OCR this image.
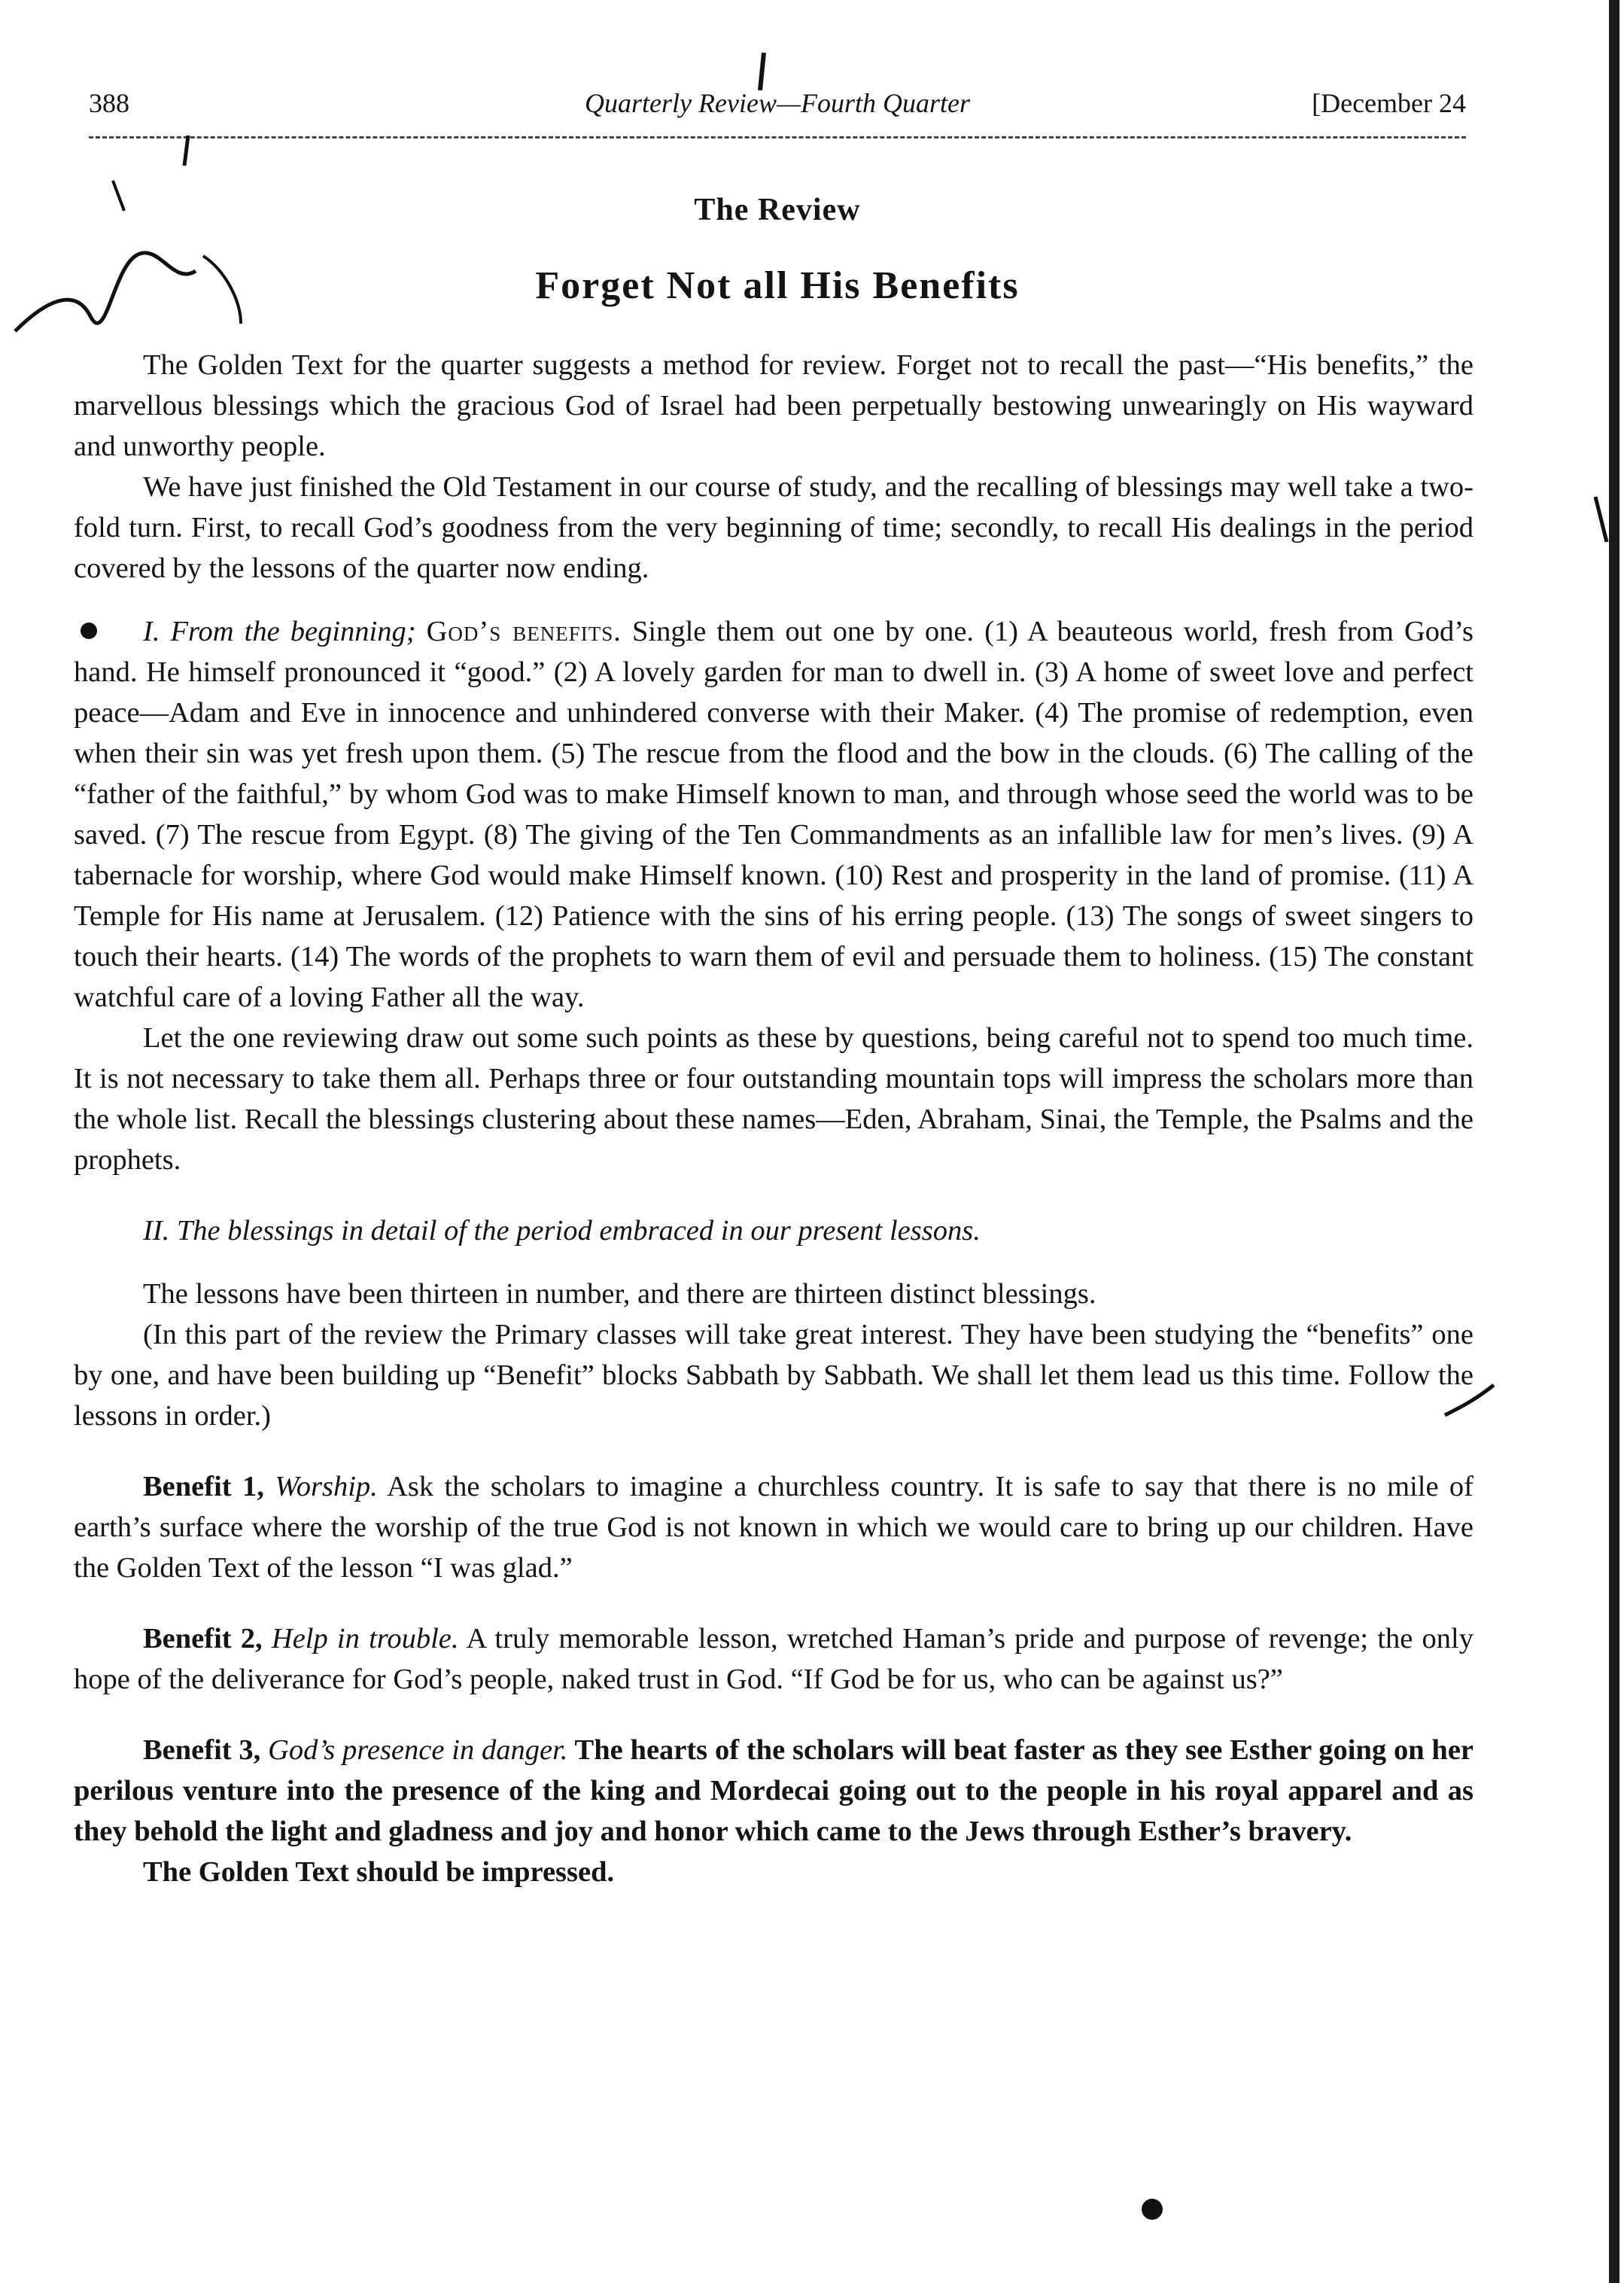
388	Quarterly Review—Fourth Quarter	[December 24
The Review
Forget Not all His Benefits

The Golden Text for the quarter suggests a method for review. Forget not to recall the past—“His benefits,” the marvellous blessings which the gracious God of Israel had been perpetually bestowing unwearingly on His wayward and unworthy people.

We have just finished the Old Testament in our course of study, and the recalling of blessings may well take a two-fold turn. First, to recall God’s goodness from the very beginning of time; secondly, to recall His dealings in the period covered by the lessons of the quarter now ending.

I. From the beginning; God’s benefits. Single them out one by one. (1) A beauteous world, fresh from God’s hand. He himself pronounced it “good.” (2) A lovely garden for man to dwell in. (3) A home of sweet love and perfect peace—Adam and Eve in innocence and unhindered converse with their Maker. (4) The promise of redemption, even when their sin was yet fresh upon them. (5) The rescue from the flood and the bow in the clouds. (6) The calling of the “father of the faithful,” by whom God was to make Himself known to man, and through whose seed the world was to be saved. (7) The rescue from Egypt. (8) The giving of the Ten Commandments as an infallible law for men’s lives. (9) A tabernacle for worship, where God would make Himself known. (10) Rest and prosperity in the land of promise. (11) A Temple for His name at Jerusalem. (12) Patience with the sins of his erring people. (13) The songs of sweet singers to touch their hearts. (14) The words of the prophets to warn them of evil and persuade them to holiness. (15) The constant watchful care of a loving Father all the way.

Let the one reviewing draw out some such points as these by questions, being careful not to spend too much time. It is not necessary to take them all. Perhaps three or four outstanding mountain tops will impress the scholars more than the whole list. Recall the blessings clustering about these names—Eden, Abraham, Sinai, the Temple, the Psalms and the prophets.

II. The blessings in detail of the period embraced in our present lessons.

The lessons have been thirteen in number, and there are thirteen distinct blessings.

(In this part of the review the Primary classes will take great interest. They have been studying the “benefits” one by one, and have been building up “Benefit” blocks Sabbath by Sabbath. We shall let them lead us this time. Follow the lessons in order.)

Benefit 1, Worship. Ask the scholars to imagine a churchless country. It is safe to say that there is no mile of earth’s surface where the worship of the true God is not known in which we would care to bring up our children. Have the Golden Text of the lesson “I was glad.”

Benefit 2, Help in trouble. A truly memorable lesson, wretched Haman’s pride and purpose of revenge; the only hope of the deliverance for God’s people, naked trust in God. “If God be for us, who can be against us?”

Benefit 3, God’s presence in danger. The hearts of the scholars will beat faster as they see Esther going on her perilous venture into the presence of the king and Mordecai going out to the people in his royal apparel and as they behold the light and gladness and joy and honor which came to the Jews through Esther’s bravery.

The Golden Text should be impressed.
